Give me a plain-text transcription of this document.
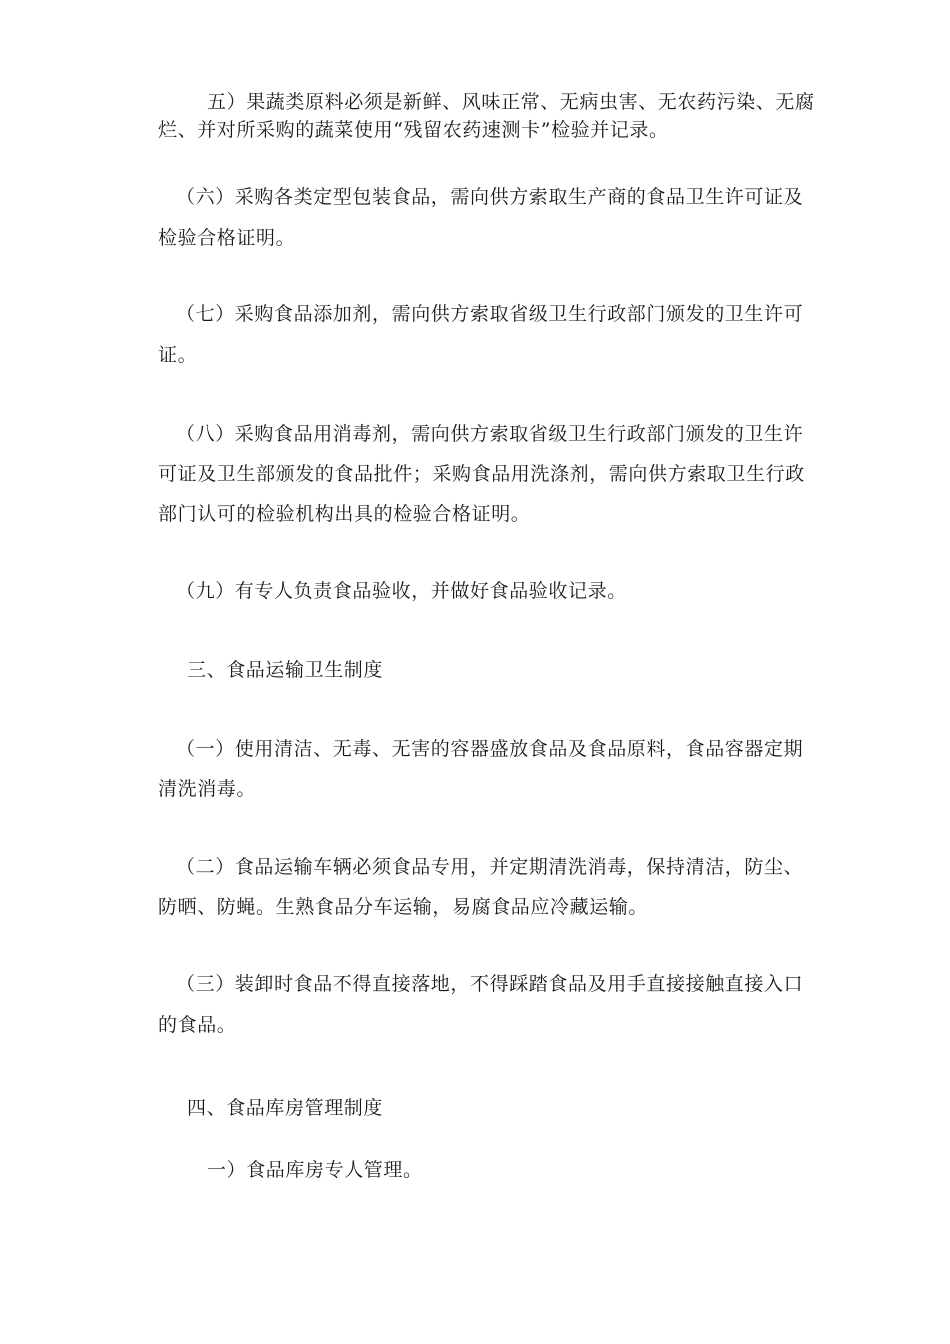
五）果蔬类原料必须是新鲜、风味正常、无病虫害、无农药污染、无腐
烂、并对所采购的蔬菜使用“残留农药速测卡”检验并记录。
（六）采购各类定型包装食品，需向供方索取生产商的食品卫生许可证及
检验合格证明。
（七）采购食品添加剂，需向供方索取省级卫生行政部门颁发的卫生许可
证。
（八）采购食品用消毒剂，需向供方索取省级卫生行政部门颁发的卫生许
可证及卫生部颁发的食品批件；采购食品用洗涤剂，需向供方索取卫生行政
部门认可的检验机构出具的检验合格证明。
（九）有专人负责食品验收，并做好食品验收记录。
三、食品运输卫生制度
（一）使用清洁、无毒、无害的容器盛放食品及食品原料，食品容器定期
清洗消毒。
（二）食品运输车辆必须食品专用，并定期清洗消毒，保持清洁，防尘、
防晒、防蝇。生熟食品分车运输，易腐食品应冷藏运输。
（三）装卸时食品不得直接落地，不得踩踏食品及用手直接接触直接入口
的食品。
四、食品库房管理制度
一）食品库房专人管理。
